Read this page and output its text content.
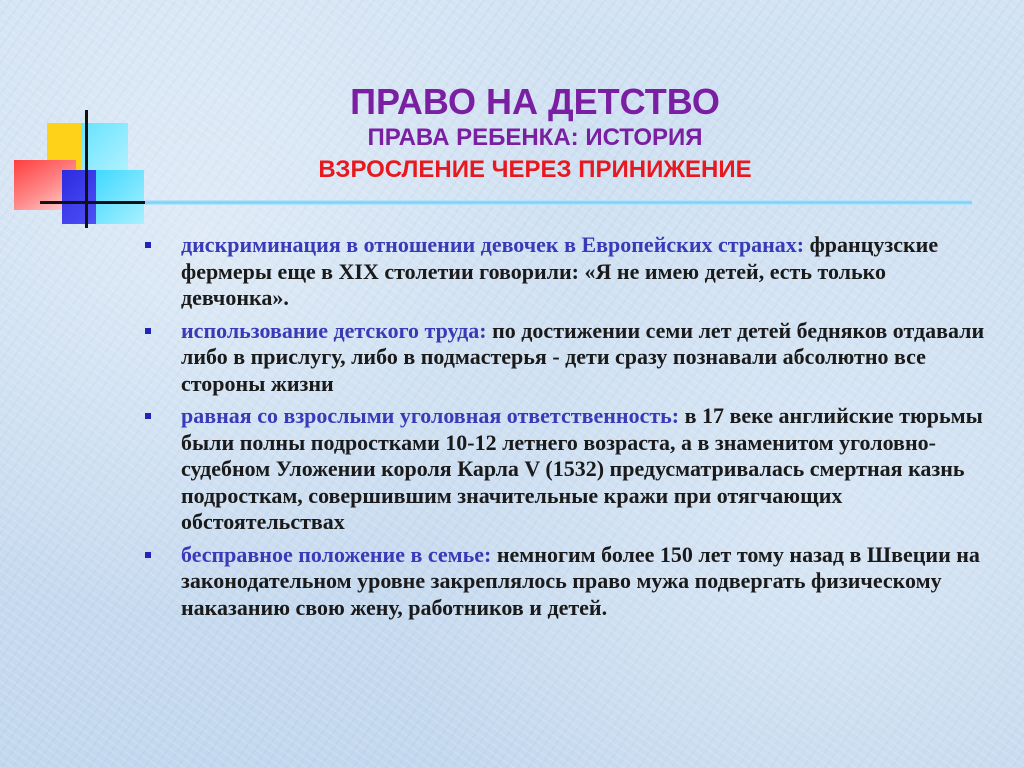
ПРАВО НА ДЕТСТВО
ПРАВА РЕБЕНКА: ИСТОРИЯ
ВЗРОСЛЕНИЕ ЧЕРЕЗ ПРИНИЖЕНИЕ
дискриминация в отношении девочек в Европейских странах: французские фермеры еще в XIX столетии говорили: «Я не имею детей, есть только девчонка».
использование детского труда: по достижении семи лет детей бедняков отдавали либо в прислугу, либо в подмастерья - дети сразу познавали абсолютно все стороны жизни
равная со взрослыми уголовная ответственность: в 17 веке английские тюрьмы были полны подростками 10-12 летнего возраста, а в знаменитом уголовно-судебном Уложении короля Карла V (1532) предусматривалась смертная казнь подросткам, совершившим значительные кражи при отягчающих обстоятельствах
бесправное положение в семье: немногим более 150 лет тому назад в Швеции на законодательном уровне закреплялось право мужа подвергать физическому наказанию свою жену, работников и детей.
